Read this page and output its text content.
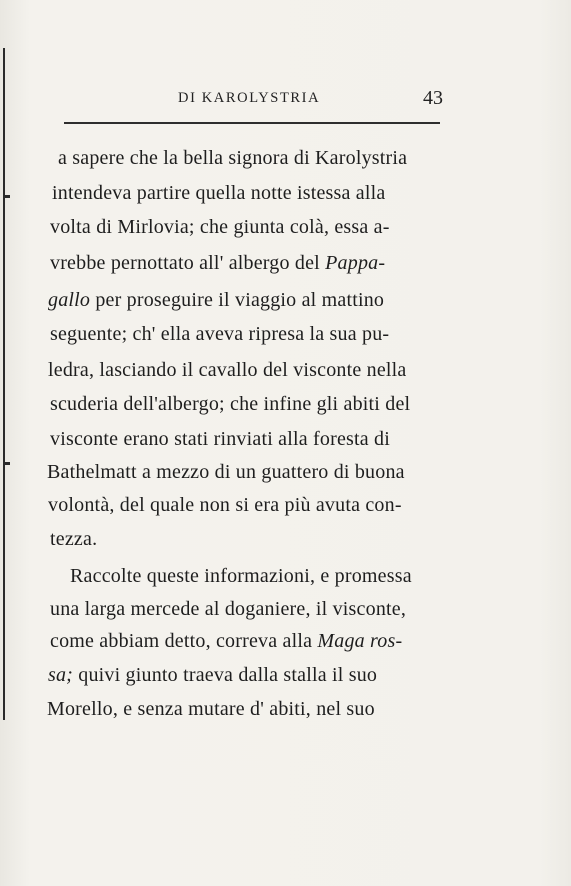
DI KAROLYSTRIA	43
a sapere che la bella signora di Karolystria
intendeva partire quella notte istessa alla
volta di Mirlovia; che giunta colà, essa a-
vrebbe pernottato all' albergo del Pappa-
gallo per proseguire il viaggio al mattino
seguente; ch' ella aveva ripresa la sua pu-
ledra, lasciando il cavallo del visconte nella
scuderia dell'albergo; che infine gli abiti del
visconte erano stati rinviati alla foresta di
Bathelmatt a mezzo di un guattero di buona
volontà, del quale non si era più avuta con-
tezza.
Raccolte queste informazioni, e promessa
una larga mercede al doganiere, il visconte,
come abbiam detto, correva alla Maga ros-
sa; quivi giunto traeva dalla stalla il suo
Morello, e senza mutare d' abiti, nel suo
